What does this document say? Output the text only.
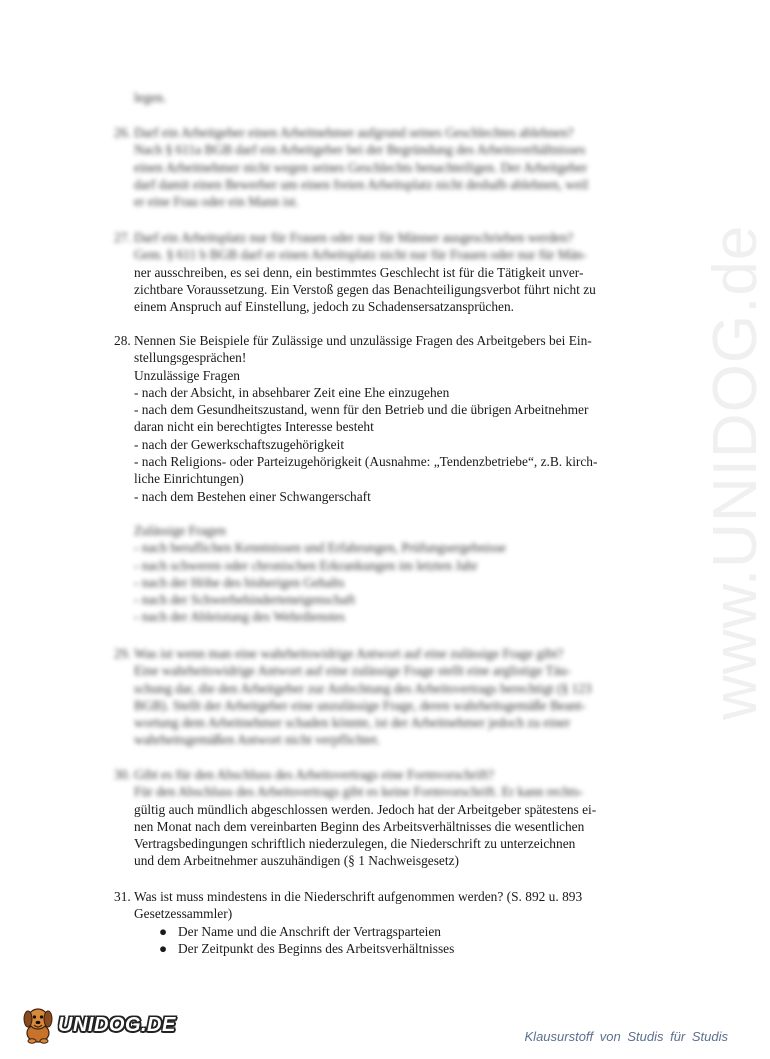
www.UNIDOG.de
legen.
26. Darf ein Arbeitgeber einen Arbeitnehmer aufgrund seines Geschlechtes ablehnen?
Nach § 611a BGB darf ein Arbeitgeber bei der Begründung des Arbeitsverhältnisses
einen Arbeitnehmer nicht wegen seines Geschlechts benachteiligen. Der Arbeitgeber
darf damit einen Bewerber um einen freien Arbeitsplatz nicht deshalb ablehnen, weil
er eine Frau oder ein Mann ist.
27. Darf ein Arbeitsplatz nur für Frauen oder nur für Männer ausgeschrieben werden?
Gem. § 611 b BGB darf er einen Arbeitsplatz nicht nur für Frauen oder nur für Män-
ner ausschreiben, es sei denn, ein bestimmtes Geschlecht ist für die Tätigkeit unver-
zichtbare Voraussetzung. Ein Verstoß gegen das Benachteiligungsverbot führt nicht zu
einem Anspruch auf Einstellung, jedoch zu Schadensersatzansprüchen.
28. Nennen Sie Beispiele für Zulässige und unzulässige Fragen des Arbeitgebers bei Ein-
stellungsgesprächen!
Unzulässige Fragen
- nach der Absicht, in absehbarer Zeit eine Ehe einzugehen
- nach dem Gesundheitszustand, wenn für den Betrieb und die übrigen Arbeitnehmer
daran nicht ein berechtigtes Interesse besteht
- nach der Gewerkschaftszugehörigkeit
- nach Religions- oder Parteizugehörigkeit (Ausnahme: „Tendenzbetriebe“, z.B. kirch-
liche Einrichtungen)
- nach dem Bestehen einer Schwangerschaft
Zulässige Fragen
- nach beruflichen Kenntnissen und Erfahrungen, Prüfungsergebnisse
- nach schweren oder chronischen Erkrankungen im letzten Jahr
- nach der Höhe des bisherigen Gehalts
- nach der Schwerbehinderteneigenschaft
- nach der Ableistung des Wehrdienstes
29. Was ist wenn man eine wahrheitswidrige Antwort auf eine zulässige Frage gibt?
Eine wahrheitswidrige Antwort auf eine zulässige Frage stellt eine arglistige Täu-
schung dar, die den Arbeitgeber zur Anfechtung des Arbeitsvertrags berechtigt (§ 123
BGB). Stellt der Arbeitgeber eine unzulässige Frage, deren wahrheitsgemäße Beant-
wortung dem Arbeitnehmer schaden könnte, ist der Arbeitnehmer jedoch zu einer
wahrheitsgemäßen Antwort nicht verpflichtet.
30. Gibt es für den Abschluss des Arbeitsvertrags eine Formvorschrift?
Für den Abschluss des Arbeitsvertrags gibt es keine Formvorschrift. Er kann rechts-
gültig auch mündlich abgeschlossen werden. Jedoch hat der Arbeitgeber spätestens ei-
nen Monat nach dem vereinbarten Beginn des Arbeitsverhältnisses die wesentlichen
Vertragsbedingungen schriftlich niederzulegen, die Niederschrift zu unterzeichnen
und dem Arbeitnehmer auszuhändigen (§ 1 Nachweisgesetz)
31. Was ist muss mindestens in die Niederschrift aufgenommen werden? (S. 892 u. 893
Gesetzessammler)
● Der Name und die Anschrift der Vertragsparteien
● Der Zeitpunkt des Beginns des Arbeitsverhältnisses
UNIDOG.DE
Klausurstoff von Studis für Studis
